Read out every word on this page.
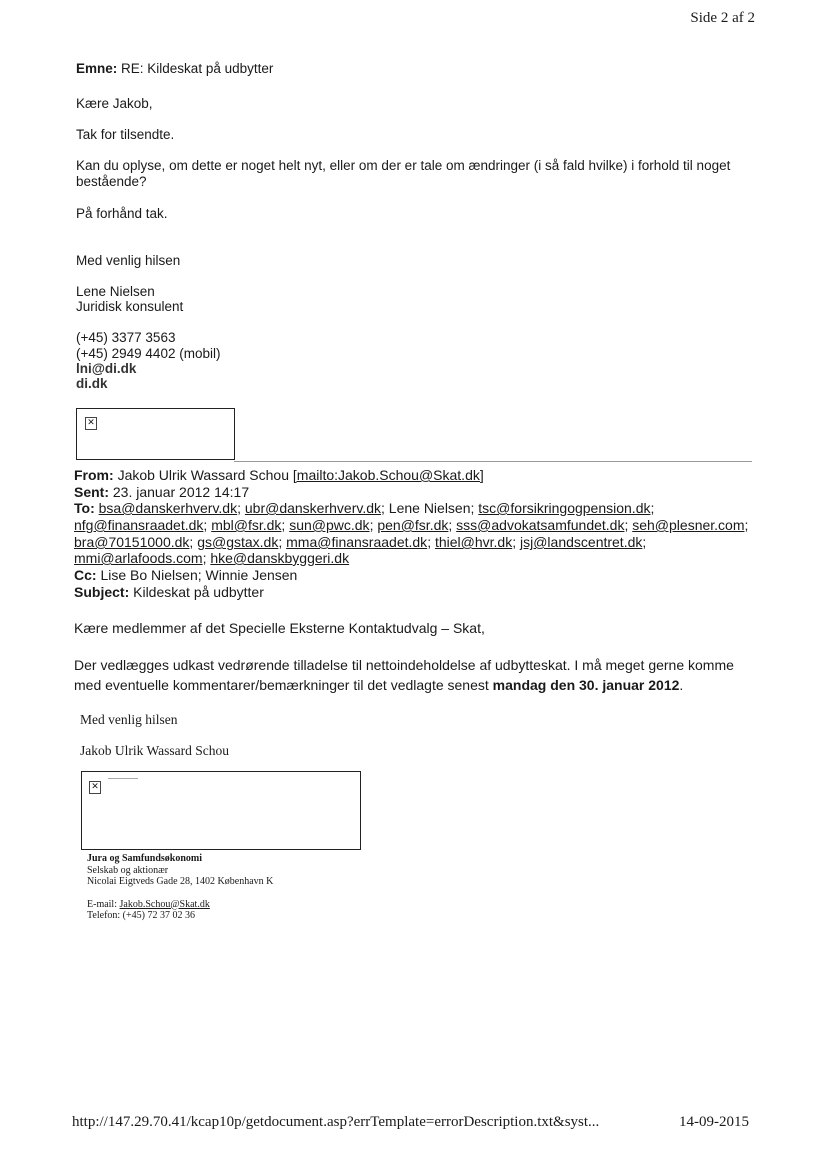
Side 2 af 2
Emne: RE: Kildeskat på udbytter
Kære Jakob,
Tak for tilsendte.
Kan du oplyse, om dette er noget helt nyt, eller om der er tale om ændringer (i så fald hvilke) i forhold til noget
bestående?
På forhånd tak.
Med venlig hilsen
Lene Nielsen
Juridisk konsulent
(+45) 3377 3563
(+45) 2949 4402 (mobil)
lni@di.dk
di.dk
✕
From: Jakob Ulrik Wassard Schou [mailto:Jakob.Schou@Skat.dk]
Sent: 23. januar 2012 14:17
To: bsa@danskerhverv.dk; ubr@danskerhverv.dk; Lene Nielsen; tsc@forsikringogpension.dk;
nfg@finansraadet.dk; mbl@fsr.dk; sun@pwc.dk; pen@fsr.dk; sss@advokatsamfundet.dk; seh@plesner.com;
bra@70151000.dk; gs@gstax.dk; mma@finansraadet.dk; thiel@hvr.dk; jsj@landscentret.dk;
mmi@arlafoods.com; hke@danskbyggeri.dk
Cc: Lise Bo Nielsen; Winnie Jensen
Subject: Kildeskat på udbytter
Kære medlemmer af det Specielle Eksterne Kontaktudvalg – Skat,
Der vedlægges udkast vedrørende tilladelse til nettoindeholdelse af udbytteskat. I må meget gerne komme
med eventuelle kommentarer/bemærkninger til det vedlagte senest mandag den 30. januar 2012.
Med venlig hilsen
Jakob Ulrik Wassard Schou
✕
Jura og Samfundsøkonomi
Selskab og aktionær
Nicolai Eigtveds Gade 28, 1402 København K
E-mail: Jakob.Schou@Skat.dk
Telefon: (+45) 72 37 02 36
http://147.29.70.41/kcap10p/getdocument.asp?errTemplate=errorDescription.txt&syst...	14-09-2015
